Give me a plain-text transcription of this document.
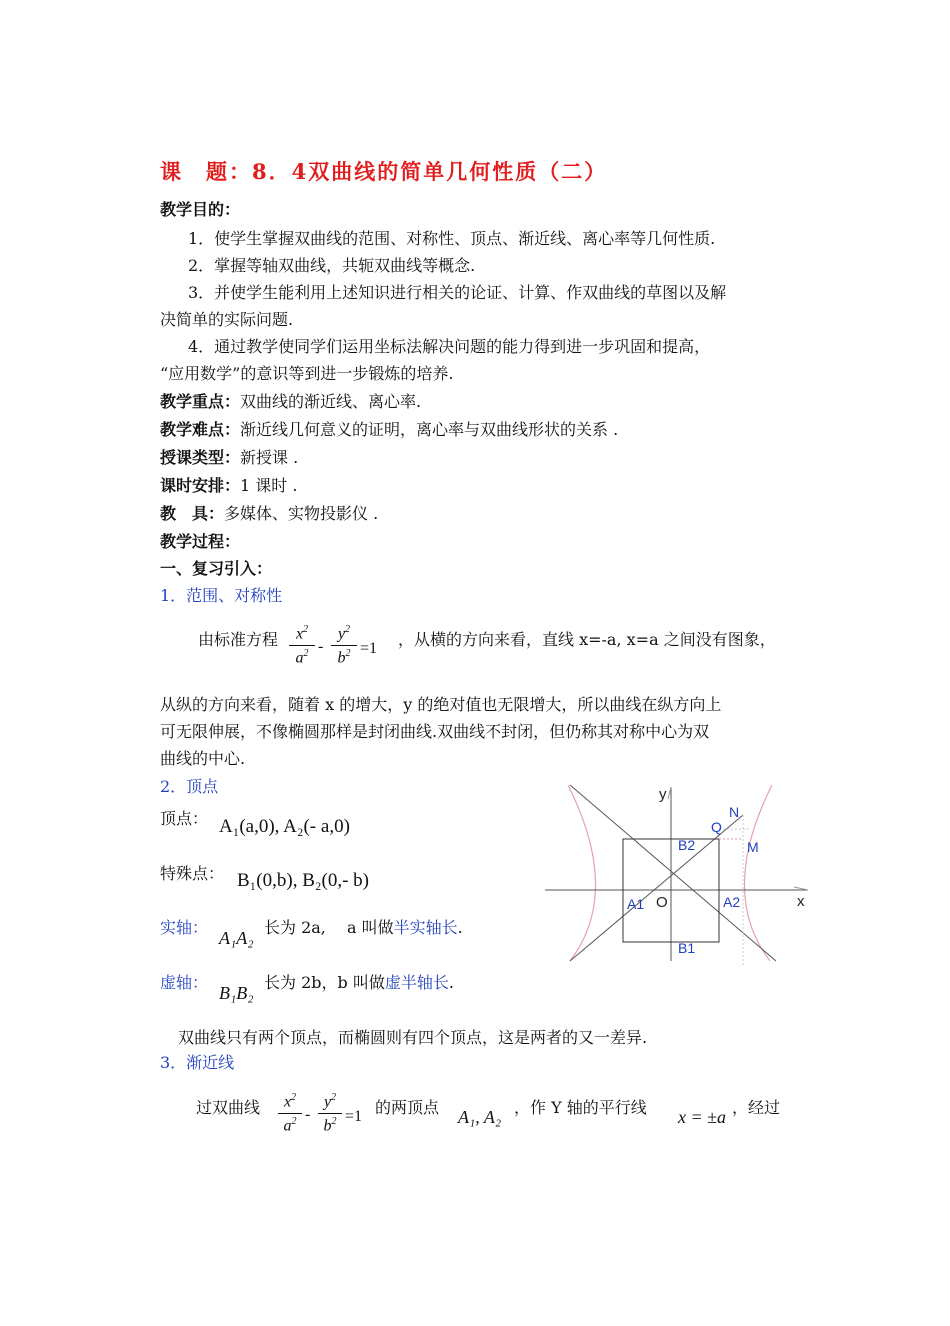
课　题：8．4双曲线的简单几何性质（二）
教学目的：
1．使学生掌握双曲线的范围、对称性、顶点、渐近线、离心率等几何性质.
2．掌握等轴双曲线，共轭双曲线等概念.
3．并使学生能利用上述知识进行相关的论证、计算、作双曲线的草图以及解
决简单的实际问题.
4．通过教学使同学们运用坐标法解决问题的能力得到进一步巩固和提高，
“应用数学”的意识等到进一步锻炼的培养.
教学重点：双曲线的渐近线、离心率.
教学难点：渐近线几何意义的证明，离心率与双曲线形状的关系 .
授课类型：新授课 .
课时安排：1 课时 .
教　具：多媒体、实物投影仪 .
教学过程：
一、复习引入：
1．范围、对称性
由标准方程	$x^2$
$a^2$ -
$y^2$
$b^2 =1$ ，从横的方向来看，直线 x=-a, x=a 之间没有图象，
从纵的方向来看，随着 x 的增大，y 的绝对值也无限增大，所以曲线在纵方向上
可无限伸展，不像椭圆那样是封闭曲线.双曲线不封闭，但仍称其对称中心为双
曲线的中心.
2．顶点
顶点： A₁(a,0), A₂(- a,0)
特殊点： B₁(0,b), B₂(0,- b)
实轴：
A₁A₂
长为 2a,　 a 叫做半实轴长.
虚轴：
B₁B₂
长为 2b，b 叫做虚半轴长.
双曲线只有两个顶点，而椭圆则有四个顶点，这是两者的又一差异.
3．渐近线
过双曲线	$x^2$
$a^2$ -
$y^2$
$b^2 =1$ 的两顶点 A₁, A₂ ，作 Y 轴的平行线 x = ±a ，经过
y
x
O
A1	A2
B2
B1
Q
N
M
